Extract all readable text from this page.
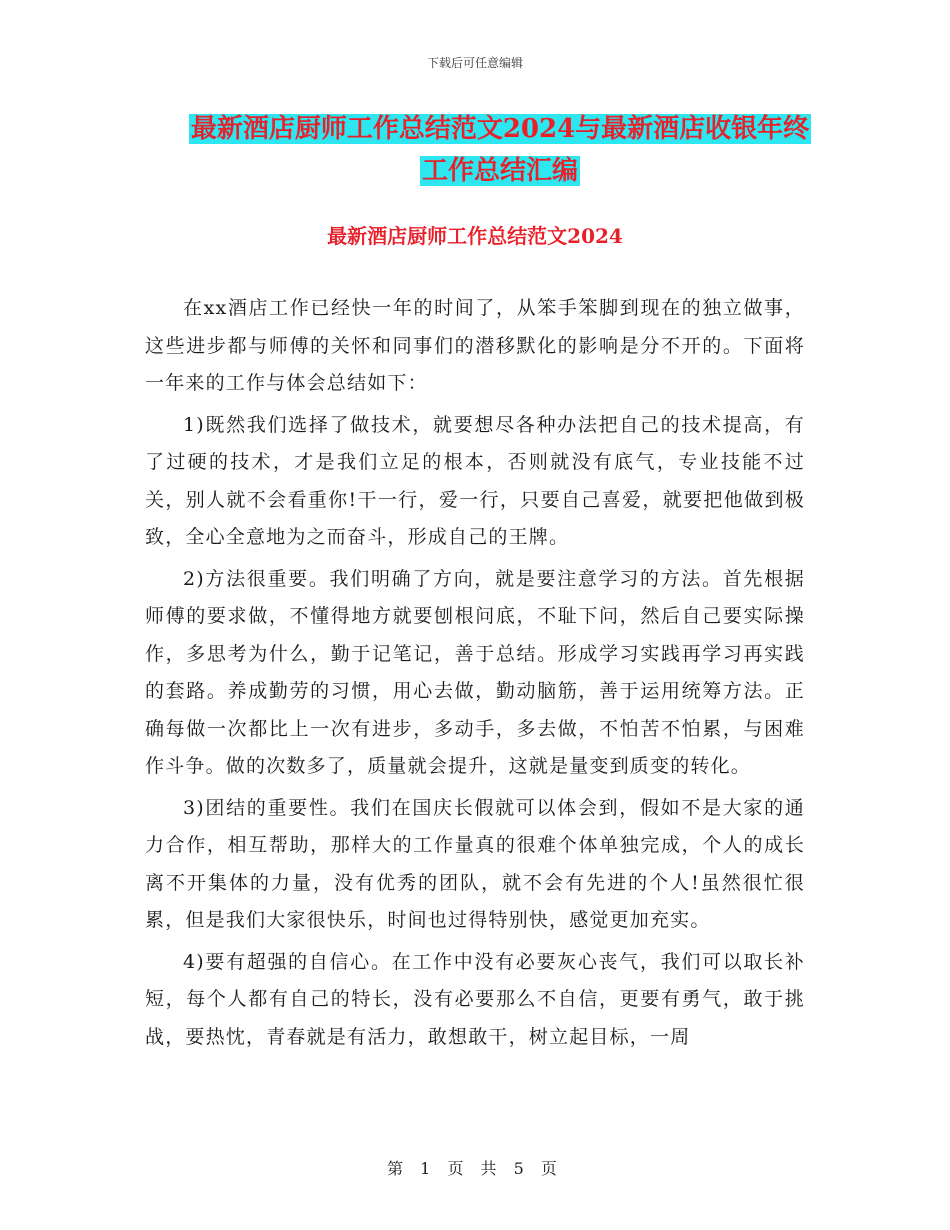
下载后可任意编辑
最新酒店厨师工作总结范文2024与最新酒店收银年终
工作总结汇编
最新酒店厨师工作总结范文2024

在xx酒店工作已经快一年的时间了，从笨手笨脚到现在的独立做事，这些进步都与师傅的关怀和同事们的潜移默化的影响是分不开的。下面将一年来的工作与体会总结如下：

1)既然我们选择了做技术，就要想尽各种办法把自己的技术提高，有了过硬的技术，才是我们立足的根本，否则就没有底气，专业技能不过关，别人就不会看重你!干一行，爱一行，只要自己喜爱，就要把他做到极致，全心全意地为之而奋斗，形成自己的王牌。

2)方法很重要。我们明确了方向，就是要注意学习的方法。首先根据师傅的要求做，不懂得地方就要刨根问底，不耻下问，然后自己要实际操作，多思考为什么，勤于记笔记，善于总结。形成学习实践再学习再实践的套路。养成勤劳的习惯，用心去做，勤动脑筋，善于运用统筹方法。正确每做一次都比上一次有进步，多动手，多去做，不怕苦不怕累，与困难作斗争。做的次数多了，质量就会提升，这就是量变到质变的转化。

3)团结的重要性。我们在国庆长假就可以体会到，假如不是大家的通力合作，相互帮助，那样大的工作量真的很难个体单独完成，个人的成长离不开集体的力量，没有优秀的团队，就不会有先进的个人!虽然很忙很累，但是我们大家很快乐，时间也过得特别快，感觉更加充实。

4)要有超强的自信心。在工作中没有必要灰心丧气，我们可以取长补短，每个人都有自己的特长，没有必要那么不自信，更要有勇气，敢于挑战，要热忱，青春就是有活力，敢想敢干，树立起目标，一周

第 1 页 共 5 页
